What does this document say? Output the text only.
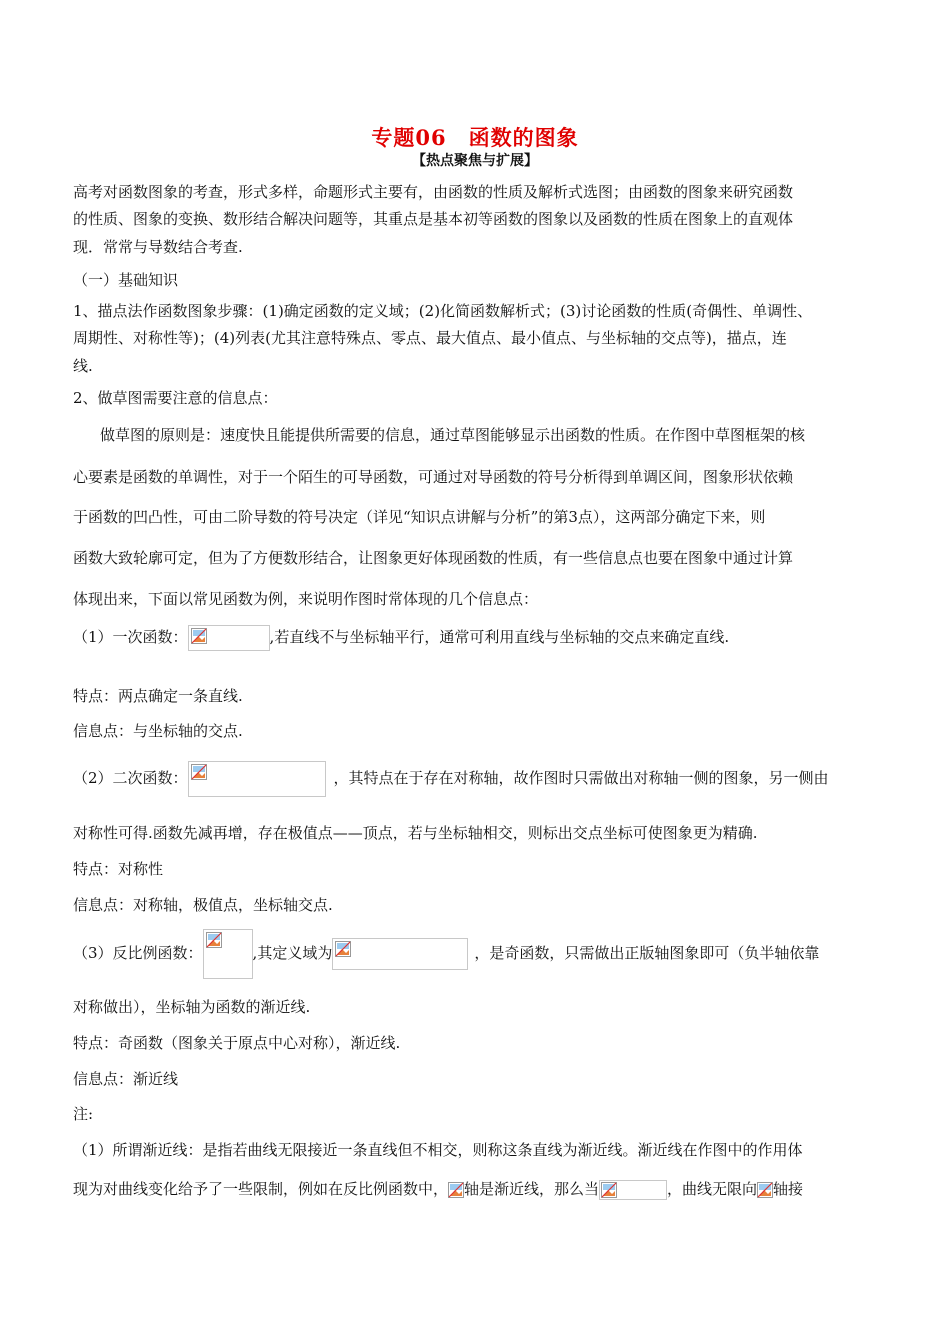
专题06　函数的图象
【热点聚焦与扩展】
高考对函数图象的考查，形式多样，命题形式主要有，由函数的性质及解析式选图；由函数的图象来研究函数
的性质、图象的变换、数形结合解决问题等，其重点是基本初等函数的图象以及函数的性质在图象上的直观体
现．常常与导数结合考查.
（一）基础知识
1、描点法作函数图象步骤：(1)确定函数的定义域；(2)化简函数解析式；(3)讨论函数的性质(奇偶性、单调性、
周期性、对称性等)；(4)列表(尤其注意特殊点、零点、最大值点、最小值点、与坐标轴的交点等)，描点，连
线.
2、做草图需要注意的信息点：
做草图的原则是：速度快且能提供所需要的信息，通过草图能够显示出函数的性质。在作图中草图框架的核
心要素是函数的单调性，对于一个陌生的可导函数，可通过对导函数的符号分析得到单调区间，图象形状依赖
于函数的凹凸性，可由二阶导数的符号决定（详见“知识点讲解与分析”的第3点），这两部分确定下来，则
函数大致轮廓可定，但为了方便数形结合，让图象更好体现函数的性质，有一些信息点也要在图象中通过计算
体现出来，下面以常见函数为例，来说明作图时常体现的几个信息点：
（1）一次函数：	,若直线不与坐标轴平行，通常可利用直线与坐标轴的交点来确定直线.
特点：两点确定一条直线.
信息点：与坐标轴的交点.
（2）二次函数：	，其特点在于存在对称轴，故作图时只需做出对称轴一侧的图象，另一侧由
对称性可得.函数先减再增，存在极值点——顶点，若与坐标轴相交，则标出交点坐标可使图象更为精确.
特点：对称性
信息点：对称轴，极值点，坐标轴交点.
（3）反比例函数：	,其定义域为	，是奇函数，只需做出正版轴图象即可（负半轴依靠
对称做出），坐标轴为函数的渐近线.
特点：奇函数（图象关于原点中心对称），渐近线.
信息点：渐近线
注:
（1）所谓渐近线：是指若曲线无限接近一条直线但不相交，则称这条直线为渐近线。渐近线在作图中的作用体
现为对曲线变化给予了一些限制，例如在反比例函数中， 轴是渐近线，那么当	，曲线无限向 轴接
